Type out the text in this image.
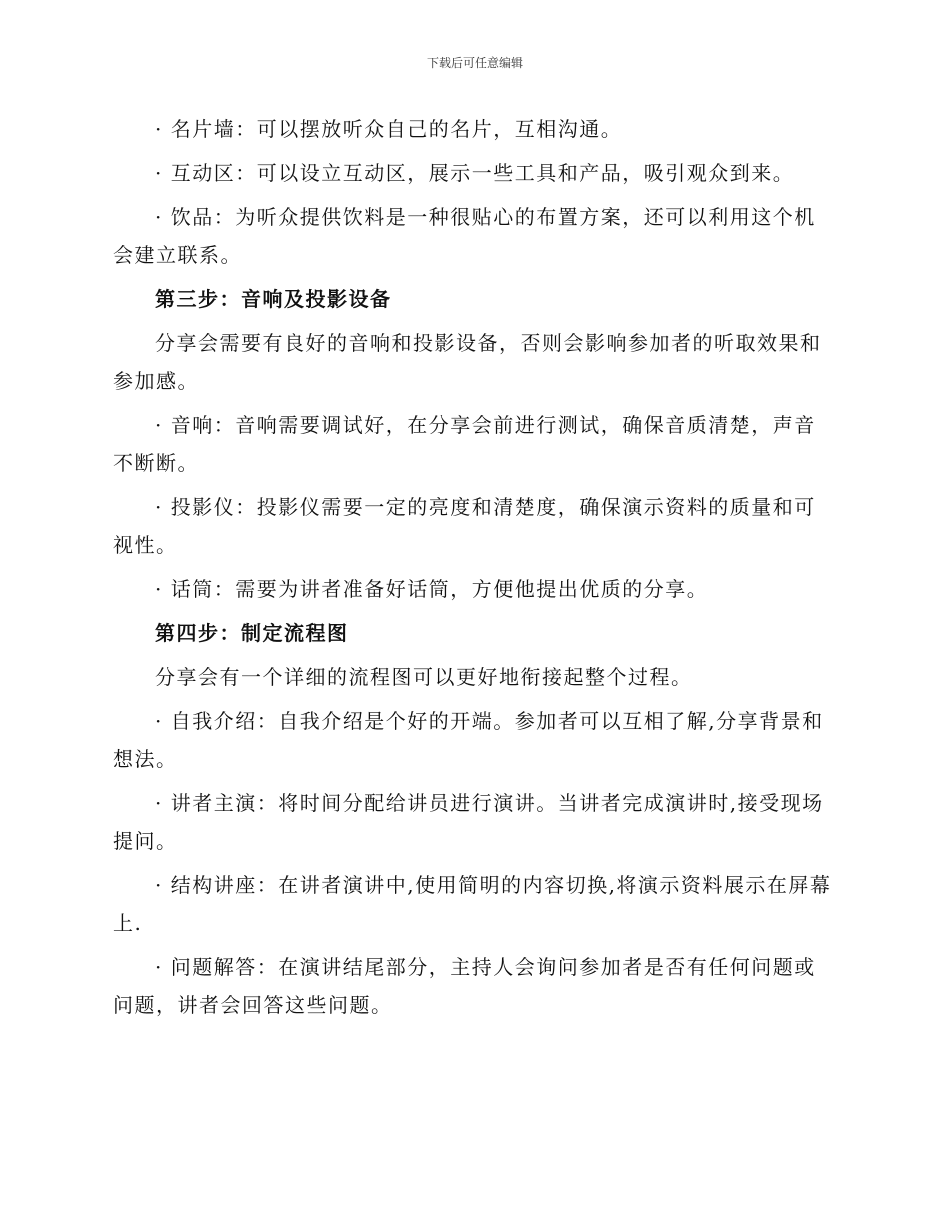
下载后可任意编辑

· 名片墙：可以摆放听众自己的名片，互相沟通。

· 互动区：可以设立互动区，展示一些工具和产品，吸引观众到来。

· 饮品：为听众提供饮料是一种很贴心的布置方案，还可以利用这个机会建立联系。

第三步：音响及投影设备

分享会需要有良好的音响和投影设备，否则会影响参加者的听取效果和参加感。

· 音响：音响需要调试好，在分享会前进行测试，确保音质清楚，声音不断断。

· 投影仪：投影仪需要一定的亮度和清楚度，确保演示资料的质量和可视性。

· 话筒：需要为讲者准备好话筒，方便他提出优质的分享。

第四步：制定流程图

分享会有一个详细的流程图可以更好地衔接起整个过程。

· 自我介绍：自我介绍是个好的开端。参加者可以互相了解,分享背景和想法。

· 讲者主演：将时间分配给讲员进行演讲。当讲者完成演讲时,接受现场提问。

· 结构讲座：在讲者演讲中,使用简明的内容切换,将演示资料展示在屏幕上.

· 问题解答：在演讲结尾部分，主持人会询问参加者是否有任何问题或问题，讲者会回答这些问题。
